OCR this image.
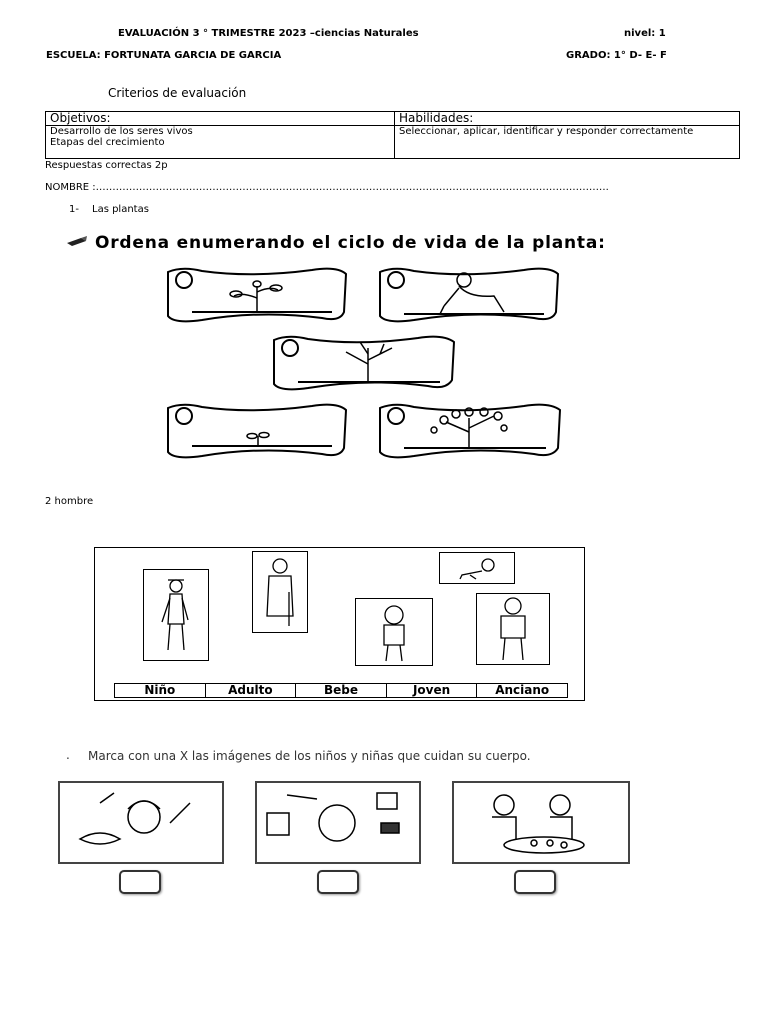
EVALUACIÓN 3 ° TRIMESTRE 2023 –ciencias Naturales	nivel: 1
ESCUELA: FORTUNATA GARCIA DE GARCIA	GRADO: 1° D- E- F
Criterios de evaluación
Objetivos:	Habilidades:

Desarrollo de los seres vivos
Etapas del crecimiento	Seleccionar, aplicar, identificar y responder correctamente
Respuestas correctas 2p
NOMBRE :……………………………………………………………………………………………………………………………………….
1- Las plantas
Ordena enumerando el ciclo de vida de la planta:
2 hombre
Niño	Adulto	Bebe	Joven	Anciano
. Marca con una X las imágenes de los niños y niñas que cuidan su cuerpo.
